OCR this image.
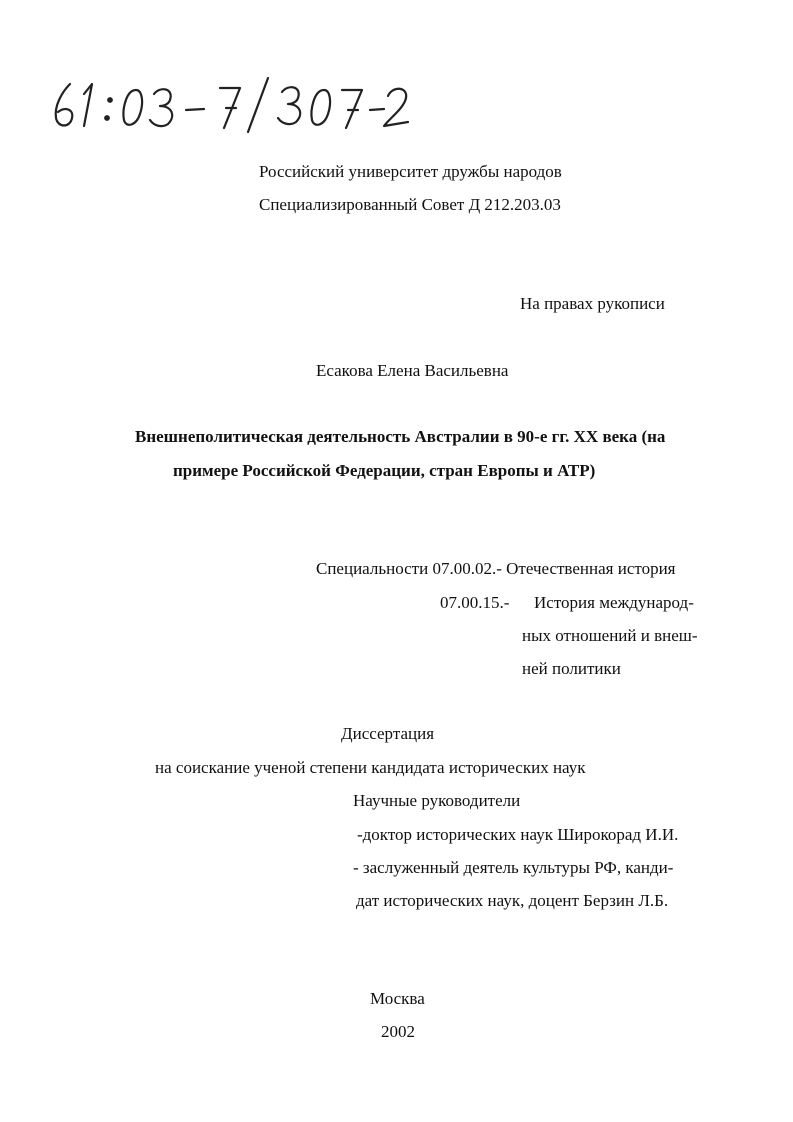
Российский университет дружбы народов
Специализированный Совет Д 212.203.03
На правах рукописи
Есакова Елена Васильевна
Внешнеполитическая деятельность Австралии в 90-е гг. XX века (на
примере Российской Федерации, стран Европы и АТР)
Специальности 07.00.02.- Отечественная история
07.00.15.- История международ-
ных отношений и внеш-
ней политики
Диссертация
на соискание ученой степени кандидата исторических наук
Научные руководители
-доктор исторических наук Широкорад И.И.
- заслуженный деятель культуры РФ, канди-
дат исторических наук, доцент Берзин Л.Б.
Москва
2002
